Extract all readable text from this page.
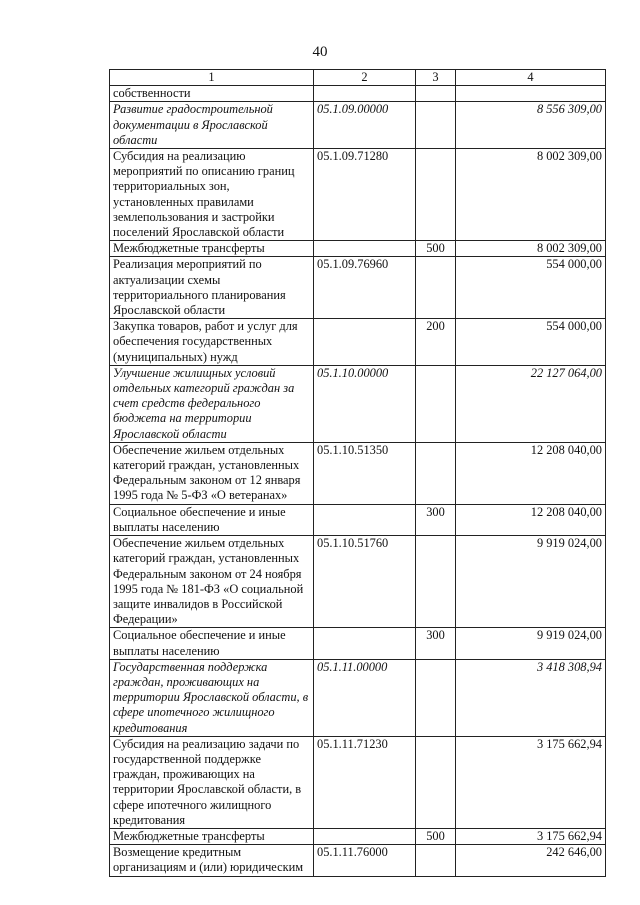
40
1	2	3	4
собственности			
Развитие градостроительной документации в Ярославской области	05.1.09.00000		8 556 309,00
Субсидия на реализацию мероприятий по описанию границ территориальных зон, установленных правилами землепользования и застройки поселений Ярославской области	05.1.09.71280		8 002 309,00
Межбюджетные трансферты		500	8 002 309,00
Реализация мероприятий по актуализации схемы территориального планирования Ярославской области	05.1.09.76960		554 000,00
Закупка товаров, работ и услуг для обеспечения государственных (муниципальных) нужд		200	554 000,00
Улучшение жилищных условий отдельных категорий граждан за счет средств федерального бюджета на территории Ярославской области	05.1.10.00000		22 127 064,00
Обеспечение жильем отдельных категорий граждан, установленных Федеральным законом от 12 января 1995 года № 5-ФЗ «О ветеранах»	05.1.10.51350		12 208 040,00
Социальное обеспечение и иные выплаты населению		300	12 208 040,00
Обеспечение жильем отдельных категорий граждан, установленных Федеральным законом от 24 ноября 1995 года № 181-ФЗ «О социальной защите инвалидов в Российской Федерации»	05.1.10.51760		9 919 024,00
Социальное обеспечение и иные выплаты населению		300	9 919 024,00
Государственная поддержка граждан, проживающих на территории Ярославской области, в сфере ипотечного жилищного кредитования	05.1.11.00000		3 418 308,94
Субсидия на реализацию задачи по государственной поддержке граждан, проживающих на территории Ярославской области, в сфере ипотечного жилищного кредитования	05.1.11.71230		3 175 662,94
Межбюджетные трансферты		500	3 175 662,94
Возмещение кредитным организациям и (или) юридическим	05.1.11.76000		242 646,00
